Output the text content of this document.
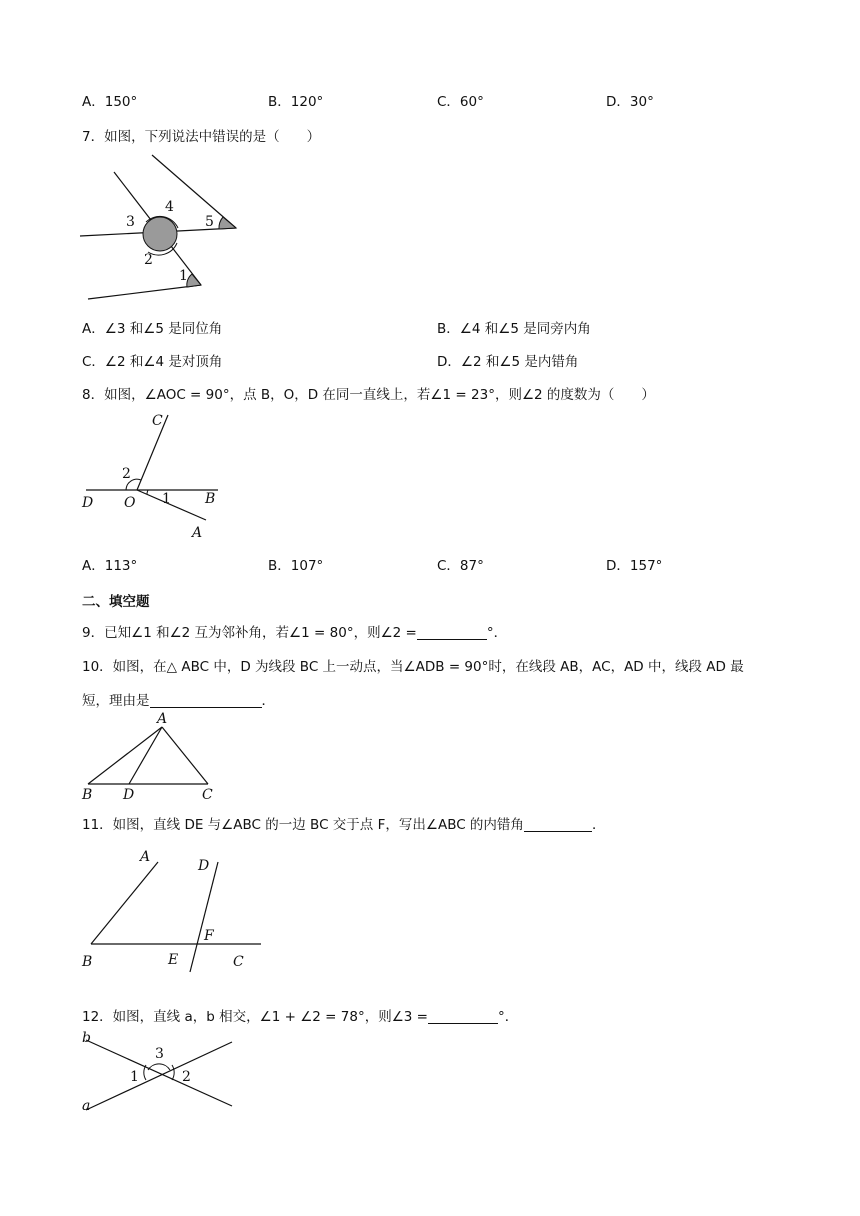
A．150°	B．120°	C．60°	D．30°
7．如图，下列说法中错误的是（　　）
3
4
5
2
1
A．∠3 和∠5 是同位角	B．∠4 和∠5 是同旁内角
C．∠2 和∠4 是对顶角	D．∠2 和∠5 是内错角
8．如图，∠AOC = 90°，点 B，O，D 在同一直线上，若∠1 = 23°，则∠2 的度数为（　　）
C
2
D O 1 B
A
A．113°	B．107°	C．87°	D．157°
二、填空题
9．已知∠1 和∠2 互为邻补角，若∠1 = 80°，则∠2 =	°．
10．如图，在△ ABC 中，D 为线段 BC 上一动点，当∠ADB = 90°时，在线段 AB，AC，AD 中，线段 AD 最
短，理由是	．
A
B D	C
11．如图，直线 DE 与∠ABC 的一边 BC 交于点 F，写出∠ABC 的内错角	．
A
D
F
B	E	C
12．如图，直线 a，b 相交，∠1 + ∠2 = 78°，则∠3 =	°．
b
3
1	2
a
